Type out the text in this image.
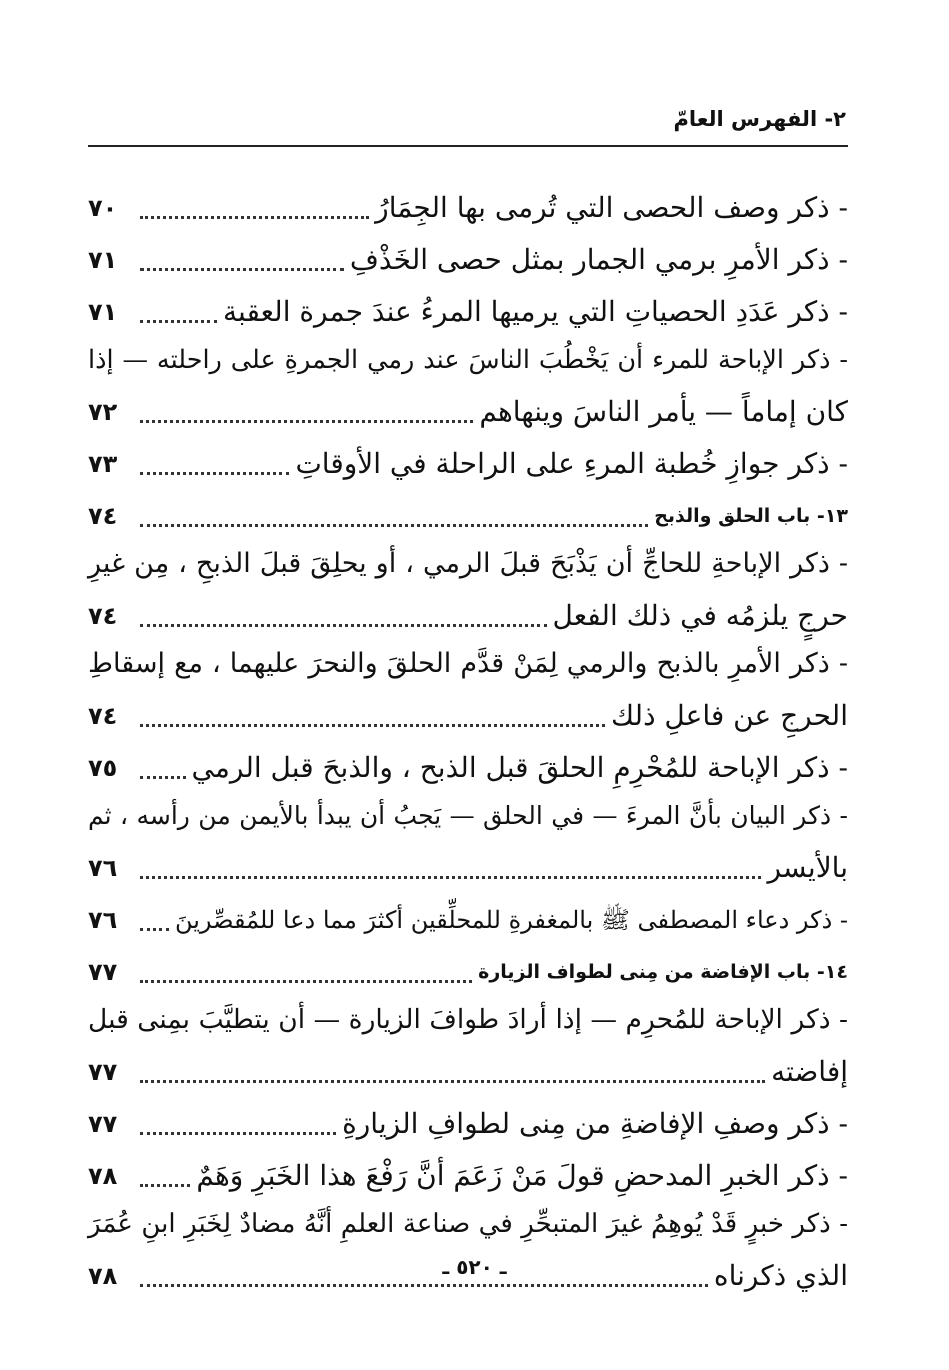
٢- الفهرس العامّ
- ذكر وصف الحصى التي تُرمى بها الجِمَارُ
٧٠
- ذكر الأمرِ برمي الجمار بمثل حصى الخَذْفِ
٧١
- ذكر عَدَدِ الحصياتِ التي يرميها المرءُ عندَ جمرة العقبة
٧١
- ذكر الإباحة للمرء أن يَخْطُبَ الناسَ عند رمي الجمرةِ على راحلته — إذا
كان إماماً — يأمر الناسَ وينهاهم
٧٢
- ذكر جوازِ خُطبة المرءِ على الراحلة في الأوقاتِ
٧٣
١٣- باب الحلق والذبح
٧٤
- ذكر الإباحةِ للحاجِّ أن يَذْبَحَ قبلَ الرمي ، أو يحلِقَ قبلَ الذبحِ ، مِن غيرِ
حرجٍ يلزمُه في ذلك الفعل
٧٤
- ذكر الأمرِ بالذبح والرمي لِمَنْ قدَّم الحلقَ والنحرَ عليهما ، مع إسقاطِ
الحرجِ عن فاعلِ ذلك
٧٤
- ذكر الإباحة للمُحْرِمِ الحلقَ قبل الذبح ، والذبحَ قبل الرمي
٧٥
- ذكر البيان بأنَّ المرءَ — في الحلق — يَجبُ أن يبدأ بالأيمن من رأسه ، ثم
بالأيسر
٧٦
- ذكر دعاء المصطفى ﷺ بالمغفرةِ للمحلِّقين أكثرَ مما دعا للمُقصِّرينَ
٧٦
١٤- باب الإفاضة من مِنى لطواف الزيارة
٧٧
- ذكر الإباحة للمُحرِم — إذا أرادَ طوافَ الزيارة — أن يتطيَّبَ بمِنى قبل
إفاضته
٧٧
- ذكر وصفِ الإفاضةِ من مِنى لطوافِ الزيارةِ
٧٧
- ذكر الخبرِ المدحضِ قولَ مَنْ زَعَمَ أنَّ رَفْعَ هذا الخَبَرِ وَهَمٌ
٧٨
- ذكر خبرٍ قَدْ يُوهِمُ غيرَ المتبحِّرِ في صناعة العلمِ أنَّهُ مضادٌ لِخَبَرِ ابنِ عُمَرَ
الذي ذكرناه
٧٨	ـ ٥٢٠ ـ
